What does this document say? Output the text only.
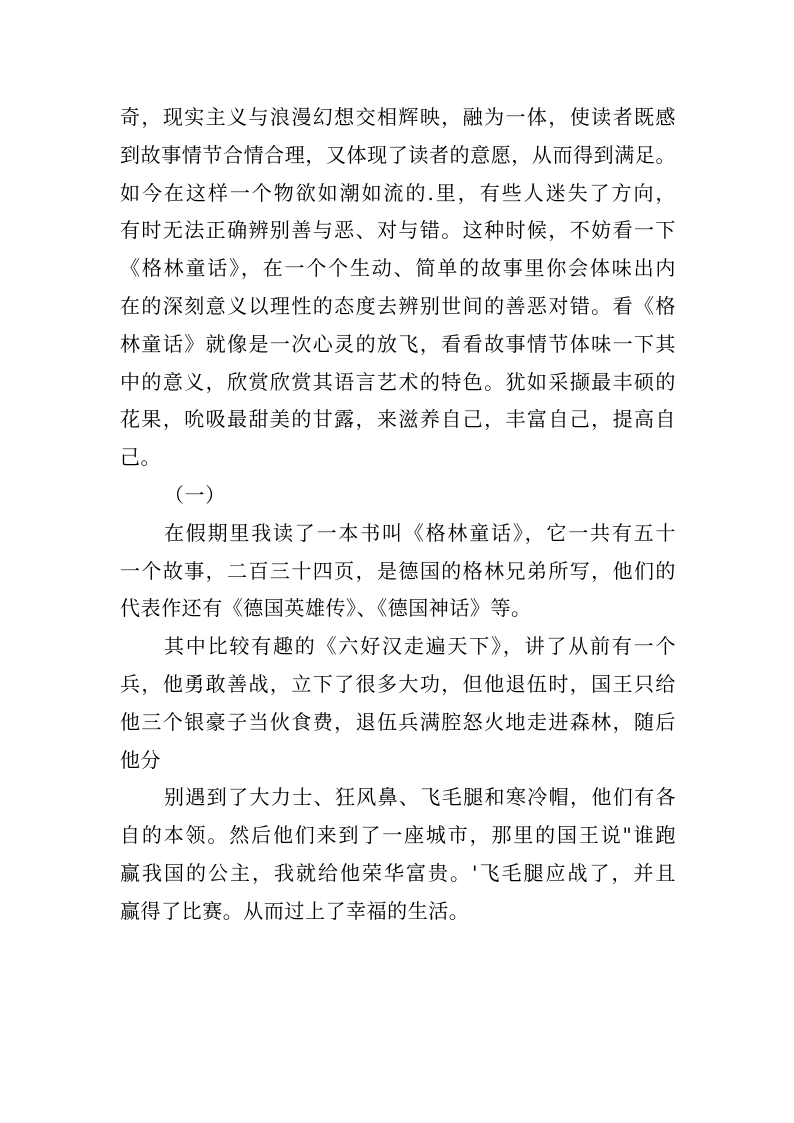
奇，现实主义与浪漫幻想交相辉映，融为一体，使读者既感
到故事情节合情合理，又体现了读者的意愿，从而得到满足。
如今在这样一个物欲如潮如流的.里，有些人迷失了方向，
有时无法正确辨别善与恶、对与错。这种时候，不妨看一下
《格林童话》，在一个个生动、简单的故事里你会体味出内
在的深刻意义以理性的态度去辨别世间的善恶对错。看《格
林童话》就像是一次心灵的放飞，看看故事情节体味一下其
中的意义，欣赏欣赏其语言艺术的特色。犹如采撷最丰硕的
花果，吮吸最甜美的甘露，来滋养自己，丰富自己，提高自
己。
（一）
在假期里我读了一本书叫《格林童话》，它一共有五十
一个故事，二百三十四页，是德国的格林兄弟所写，他们的
代表作还有《德国英雄传》、《德国神话》等。
其中比较有趣的《六好汉走遍天下》，讲了从前有一个
兵，他勇敢善战，立下了很多大功，但他退伍时，国王只给
他三个银豪子当伙食费，退伍兵满腔怒火地走进森林，随后
他分
别遇到了大力士、狂风鼻、飞毛腿和寒冷帽，他们有各
自的本领。然后他们来到了一座城市，那里的国王说"谁跑
赢我国的公主，我就给他荣华富贵。'飞毛腿应战了，并且
赢得了比赛。从而过上了幸福的生活。
